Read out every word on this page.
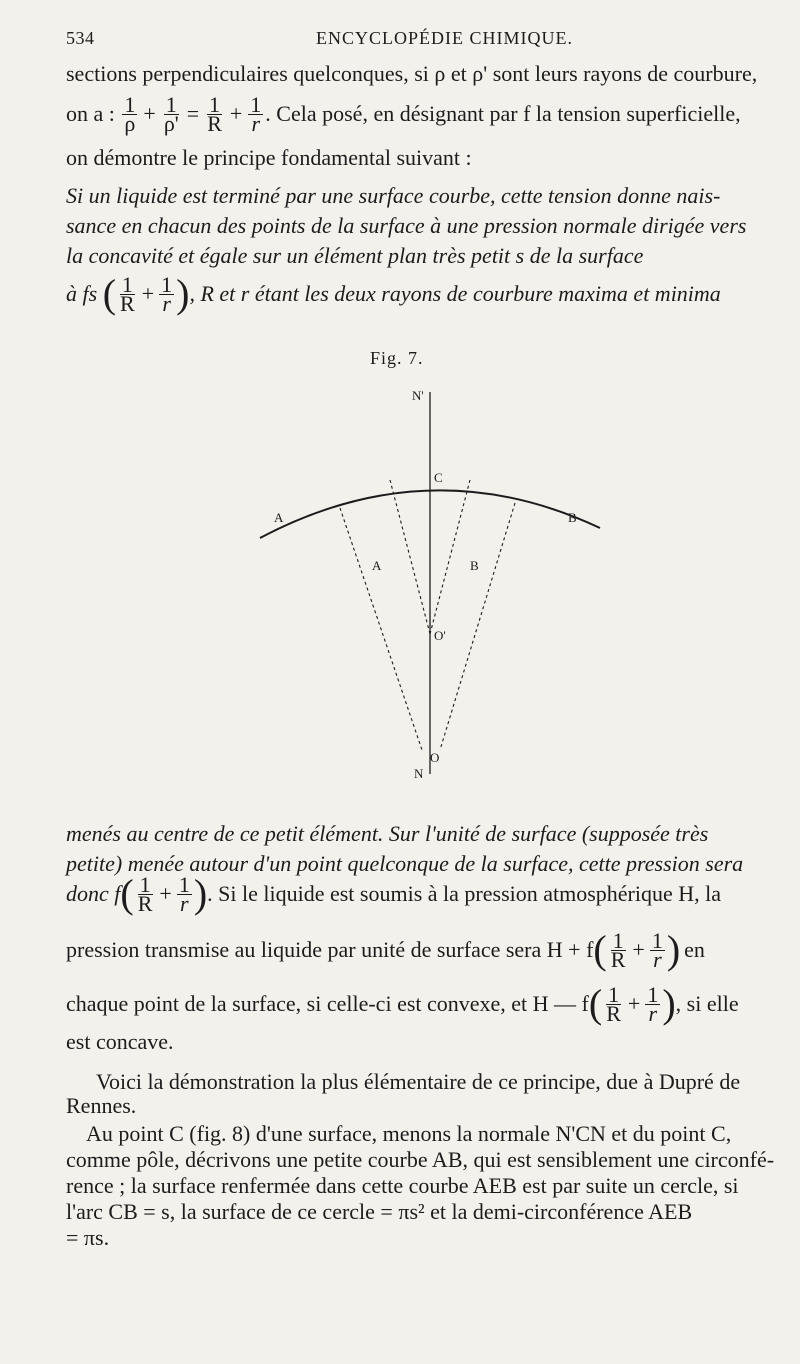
534	ENCYCLOPÉDIE CHIMIQUE.
sections perpendiculaires quelconques, si ρ et ρ' sont leurs rayons de courbure,
on a :
$\frac{1}{\rho} + \frac{1}{\rho'} = \frac{1}{R} + \frac{1}{r}$ . Cela posé, en désignant par f la tension superficielle,
on démontre le principe fondamental suivant :
Si un liquide est terminé par une surface courbe, cette tension donne nais-
sance en chacun des points de la surface à une pression normale dirigée vers
la concavité et égale sur un élément plan très petit s de la surface
à fs
( $\frac{1}{R} + \frac{1}{r}$ ) , R et r étant les deux rayons de courbure maxima et minima
Fig. 7.
N'
C
A
A	B
B
O'
O
N
menés au centre de ce petit élément. Sur l'unité de surface (supposée très
petite) menée autour d'un point quelconque de la surface, cette pression sera
donc f ( $\frac{1}{R} + \frac{1}{r}$ ) . Si le liquide est soumis à la pression atmosphérique H, la
pression transmise au liquide par unité de surface sera H + f ( $\frac{1}{R} + \frac{1}{r}$ ) en
chaque point de la surface, si celle-ci est convexe, et H — f ( $\frac{1}{R} + \frac{1}{r}$ ) , si elle
est concave.
Voici la démonstration la plus élémentaire de ce principe, due à Dupré de
Rennes.
Au point C (fig. 8) d'une surface, menons la normale N'CN et du point C,
comme pôle, décrivons une petite courbe AB, qui est sensiblement une circonfé-
rence ; la surface renfermée dans cette courbe AEB est par suite un cercle, si
l'arc CB = s, la surface de ce cercle = πs² et la demi-circonférence AEB
= πs.
